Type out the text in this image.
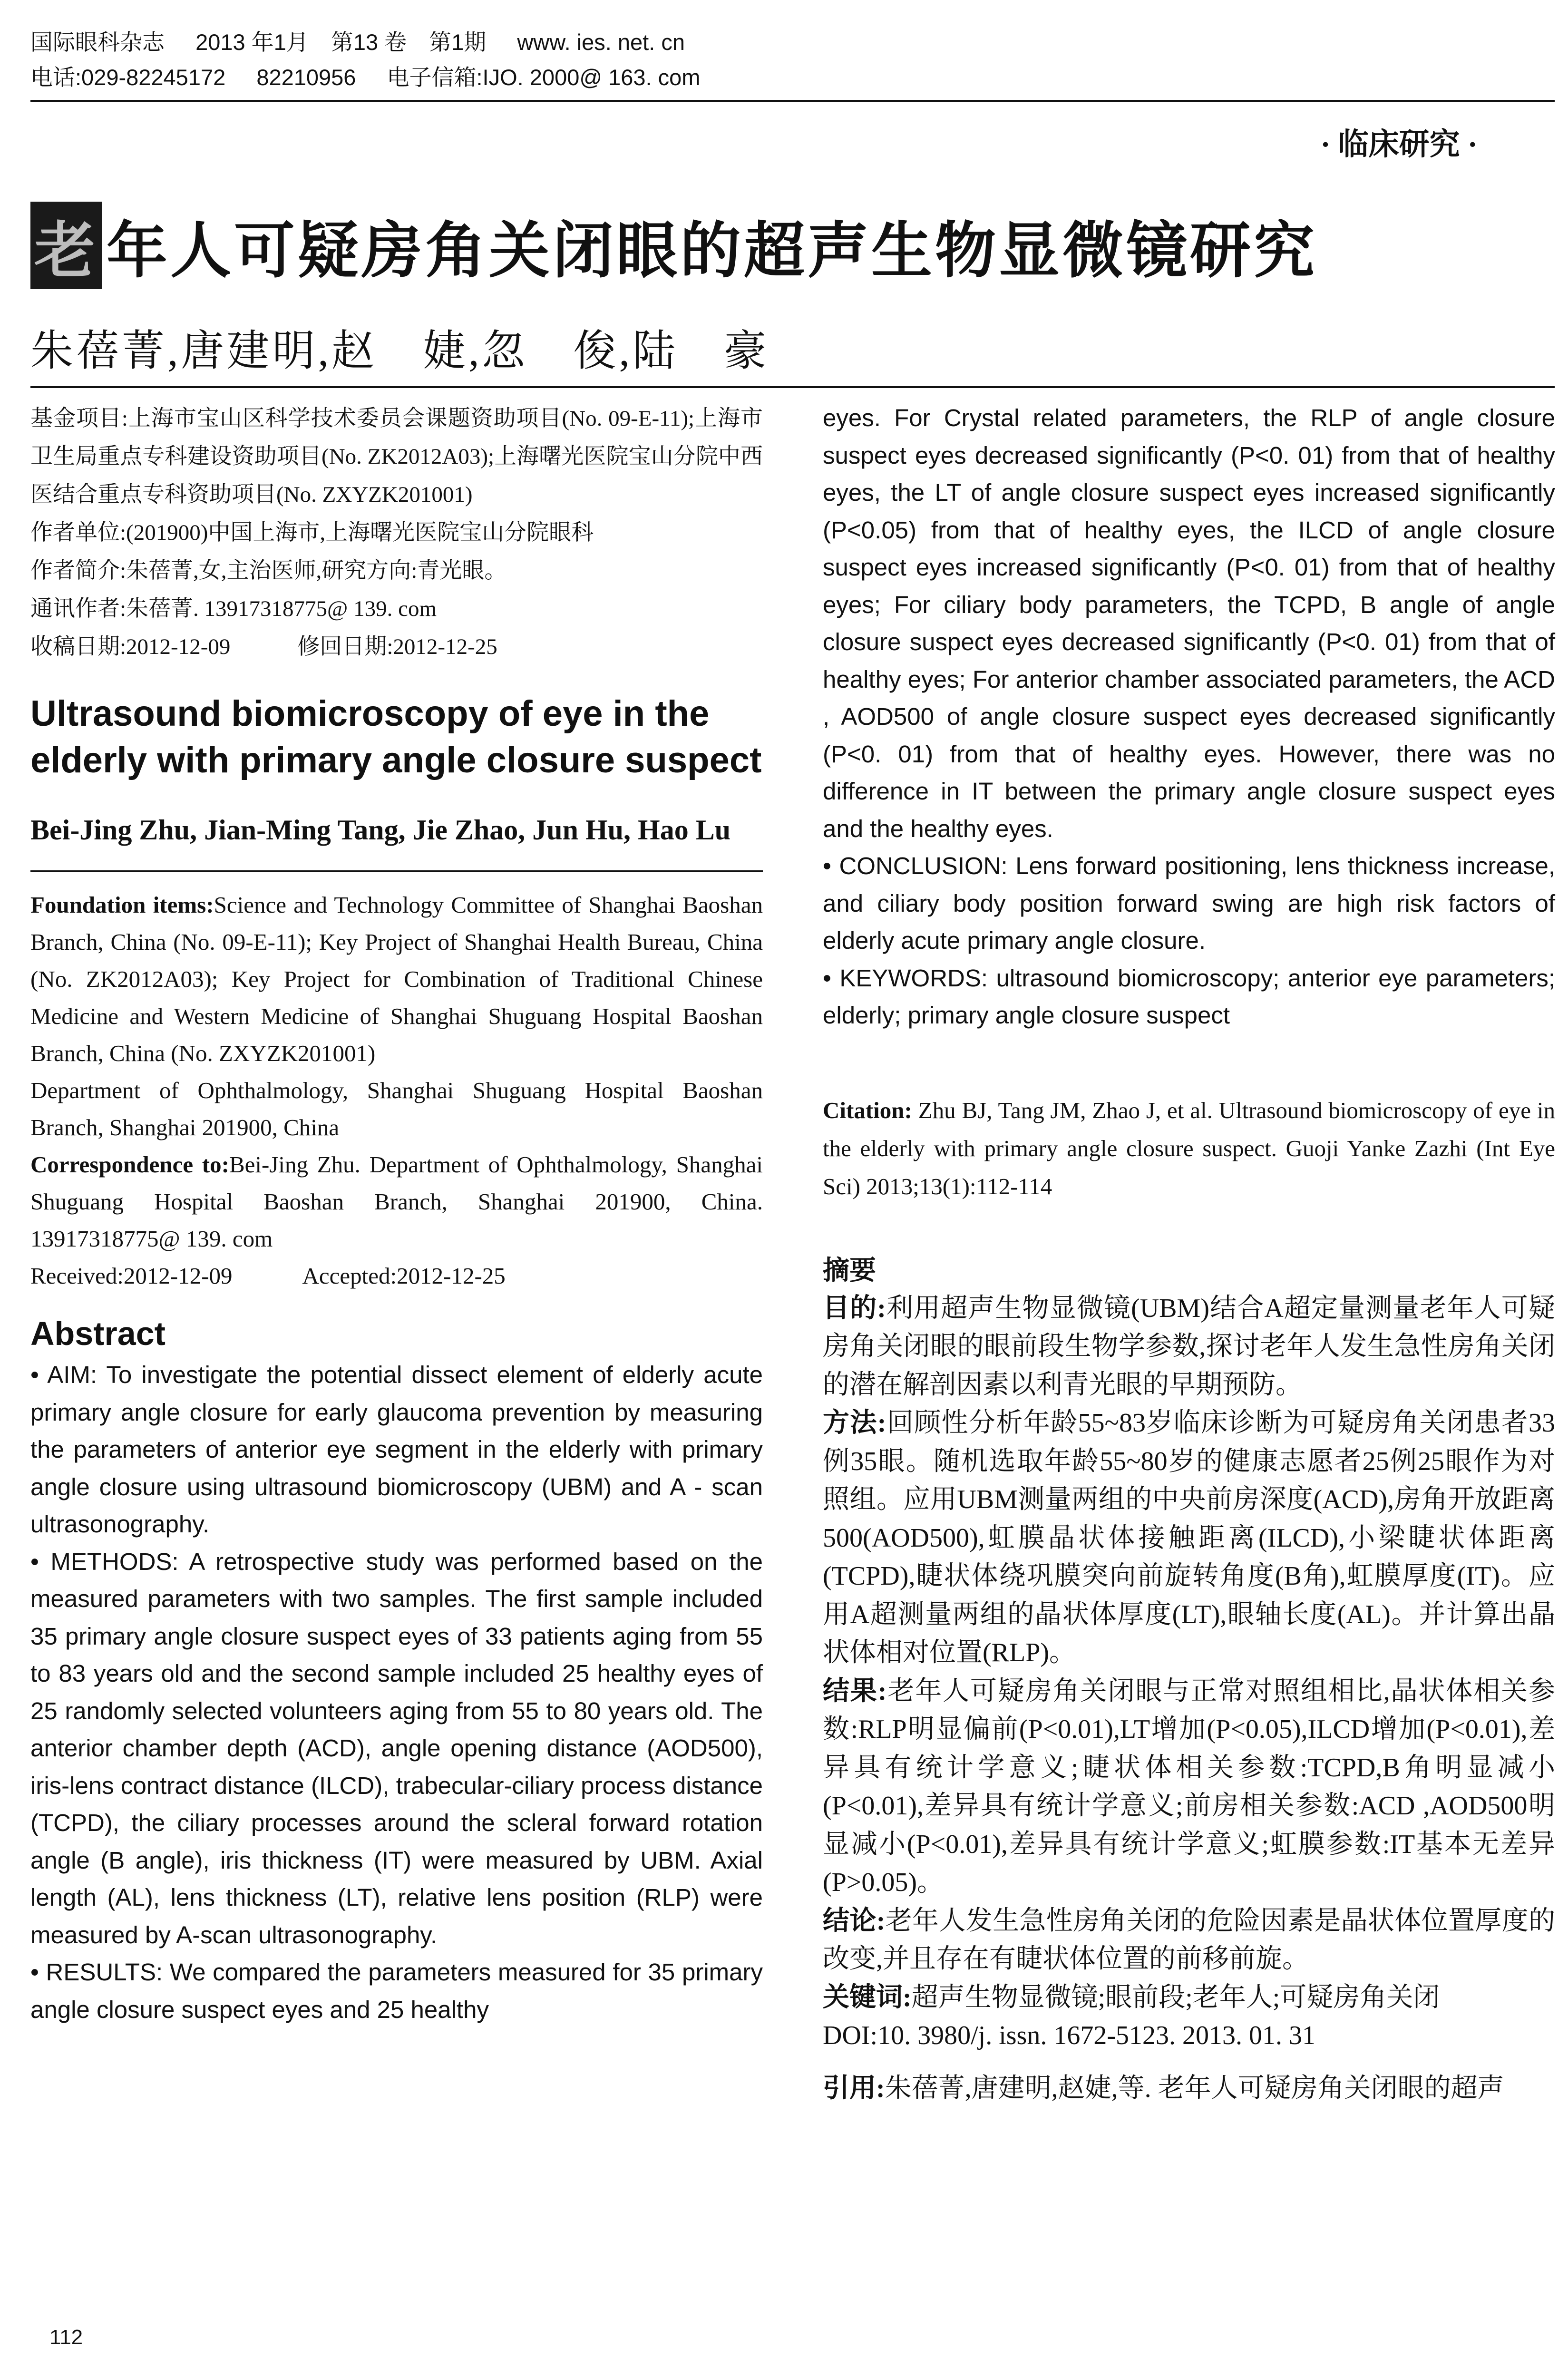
国际眼科杂志 2013 年1月　第13 卷　第1期 www. ies. net. cn
电话:029-82245172 82210956 电子信箱:IJO. 2000@ 163. com
· 临床研究 ·
老 年人可疑房角关闭眼的超声生物显微镜研究
朱蓓菁,唐建明,赵　婕,忽　俊,陆　豪

基金项目:上海市宝山区科学技术委员会课题资助项目(No. 09-E-11);上海市卫生局重点专科建设资助项目(No. ZK2012A03);上海曙光医院宝山分院中西医结合重点专科资助项目(No. ZXYZK201001)

作者单位:(201900)中国上海市,上海曙光医院宝山分院眼科

作者简介:朱蓓菁,女,主治医师,研究方向:青光眼。

通讯作者:朱蓓菁. 13917318775@ 139. com

收稿日期:2012-12-09　　　修回日期:2012-12-25

Ultrasound biomicroscopy of eye in the elderly with primary angle closure suspect
Bei-Jing Zhu, Jian-Ming Tang, Jie Zhao, Jun Hu, Hao Lu

Foundation items:Science and Technology Committee of Shanghai Baoshan Branch, China (No. 09-E-11); Key Project of Shanghai Health Bureau, China (No. ZK2012A03); Key Project for Combination of Traditional Chinese Medicine and Western Medicine of Shanghai Shuguang Hospital Baoshan Branch, China (No. ZXYZK201001)

Department of Ophthalmology, Shanghai Shuguang Hospital Baoshan Branch, Shanghai 201900, China

Correspondence to:Bei-Jing Zhu. Department of Ophthalmology, Shanghai Shuguang Hospital Baoshan Branch, Shanghai 201900, China. 13917318775@ 139. com

Received:2012-12-09　　　Accepted:2012-12-25

Abstract

• AIM: To investigate the potential dissect element of elderly acute primary angle closure for early glaucoma prevention by measuring the parameters of anterior eye segment in the elderly with primary angle closure using ultrasound biomicroscopy (UBM) and A - scan ultrasonography.

• METHODS: A retrospective study was performed based on the measured parameters with two samples. The first sample included 35 primary angle closure suspect eyes of 33 patients aging from 55 to 83 years old and the second sample included 25 healthy eyes of 25 randomly selected volunteers aging from 55 to 80 years old. The anterior chamber depth (ACD), angle opening distance (AOD500), iris-lens contract distance (ILCD), trabecular-ciliary process distance (TCPD), the ciliary processes around the scleral forward rotation angle (B angle), iris thickness (IT) were measured by UBM. Axial length (AL), lens thickness (LT), relative lens position (RLP) were measured by A-scan ultrasonography.

• RESULTS: We compared the parameters measured for 35 primary angle closure suspect eyes and 25 healthy

eyes. For Crystal related parameters, the RLP of angle closure suspect eyes decreased significantly (P<0. 01) from that of healthy eyes, the LT of angle closure suspect eyes increased significantly (P<0.05) from that of healthy eyes, the ILCD of angle closure suspect eyes increased significantly (P<0. 01) from that of healthy eyes; For ciliary body parameters, the TCPD, B angle of angle closure suspect eyes decreased significantly (P<0. 01) from that of healthy eyes; For anterior chamber associated parameters, the ACD , AOD500 of angle closure suspect eyes decreased significantly (P<0. 01) from that of healthy eyes. However, there was no difference in IT between the primary angle closure suspect eyes and the healthy eyes.

• CONCLUSION: Lens forward positioning, lens thickness increase, and ciliary body position forward swing are high risk factors of elderly acute primary angle closure.

• KEYWORDS: ultrasound biomicroscopy; anterior eye parameters; elderly; primary angle closure suspect

Citation: Zhu BJ, Tang JM, Zhao J, et al. Ultrasound biomicroscopy of eye in the elderly with primary angle closure suspect. Guoji Yanke Zazhi (Int Eye Sci) 2013;13(1):112-114
摘要

目的:利用超声生物显微镜(UBM)结合A超定量测量老年人可疑房角关闭眼的眼前段生物学参数,探讨老年人发生急性房角关闭的潜在解剖因素以利青光眼的早期预防。

方法:回顾性分析年龄55~83岁临床诊断为可疑房角关闭患者33例35眼。随机选取年龄55~80岁的健康志愿者25例25眼作为对照组。应用UBM测量两组的中央前房深度(ACD),房角开放距离500(AOD500),虹膜晶状体接触距离(ILCD),小梁睫状体距离(TCPD),睫状体绕巩膜突向前旋转角度(B角),虹膜厚度(IT)。应用A超测量两组的晶状体厚度(LT),眼轴长度(AL)。并计算出晶状体相对位置(RLP)。

结果:老年人可疑房角关闭眼与正常对照组相比,晶状体相关参数:RLP明显偏前(P<0.01),LT增加(P<0.05),ILCD增加(P<0.01),差异具有统计学意义;睫状体相关参数:TCPD,B角明显减小(P<0.01),差异具有统计学意义;前房相关参数:ACD ,AOD500明显减小(P<0.01),差异具有统计学意义;虹膜参数:IT基本无差异(P>0.05)。

结论:老年人发生急性房角关闭的危险因素是晶状体位置厚度的改变,并且存在有睫状体位置的前移前旋。

关键词:超声生物显微镜;眼前段;老年人;可疑房角关闭

DOI:10. 3980/j. issn. 1672-5123. 2013. 01. 31

引用:朱蓓菁,唐建明,赵婕,等. 老年人可疑房角关闭眼的超声
112
